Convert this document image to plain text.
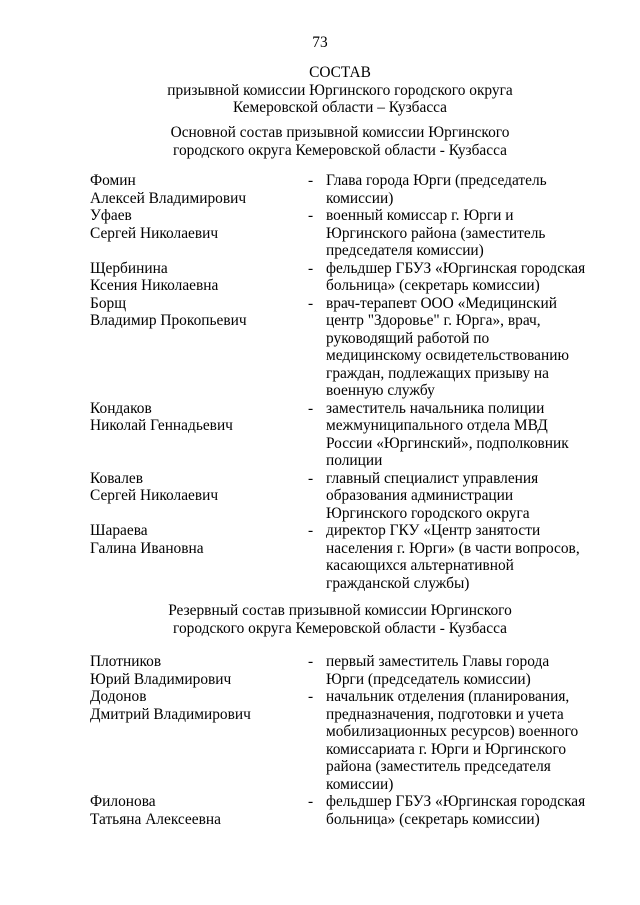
73
СОСТАВ
призывной комиссии Юргинского городского округа
Кемеровской области – Кузбасса
Основной состав призывной комиссии Юргинского
городского округа Кемеровской области - Кузбасса
Фомин
Алексей Владимирович
- Глава города Юрги (председатель
комиссии)
Уфаев
Сергей Николаевич
- военный комиссар г. Юрги и
Юргинского района (заместитель
председателя комиссии)
Щербинина
Ксения Николаевна
- фельдшер ГБУЗ «Юргинская городская
больница» (секретарь комиссии)
Борщ
Владимир Прокопьевич
- врач-терапевт ООО «Медицинский
центр "Здоровье" г. Юрга», врач,
руководящий работой по
медицинскому освидетельствованию
граждан, подлежащих призыву на
военную службу
Кондаков
Николай Геннадьевич
- заместитель начальника полиции
межмуниципального отдела МВД
России «Юргинский», подполковник
полиции
Ковалев
Сергей Николаевич
- главный специалист управления
образования администрации
Юргинского городского округа
Шараева
Галина Ивановна
- директор ГКУ «Центр занятости
населения г. Юрги» (в части вопросов,
касающихся альтернативной
гражданской службы)
Резервный состав призывной комиссии Юргинского
городского округа Кемеровской области - Кузбасса
Плотников
Юрий Владимирович
- первый заместитель Главы города
Юрги (председатель комиссии)
Додонов
Дмитрий Владимирович
- начальник отделения (планирования,
предназначения, подготовки и учета
мобилизационных ресурсов) военного
комиссариата г. Юрги и Юргинского
района (заместитель председателя
комиссии)
Филонова
Татьяна Алексеевна
- фельдшер ГБУЗ «Юргинская городская
больница» (секретарь комиссии)
